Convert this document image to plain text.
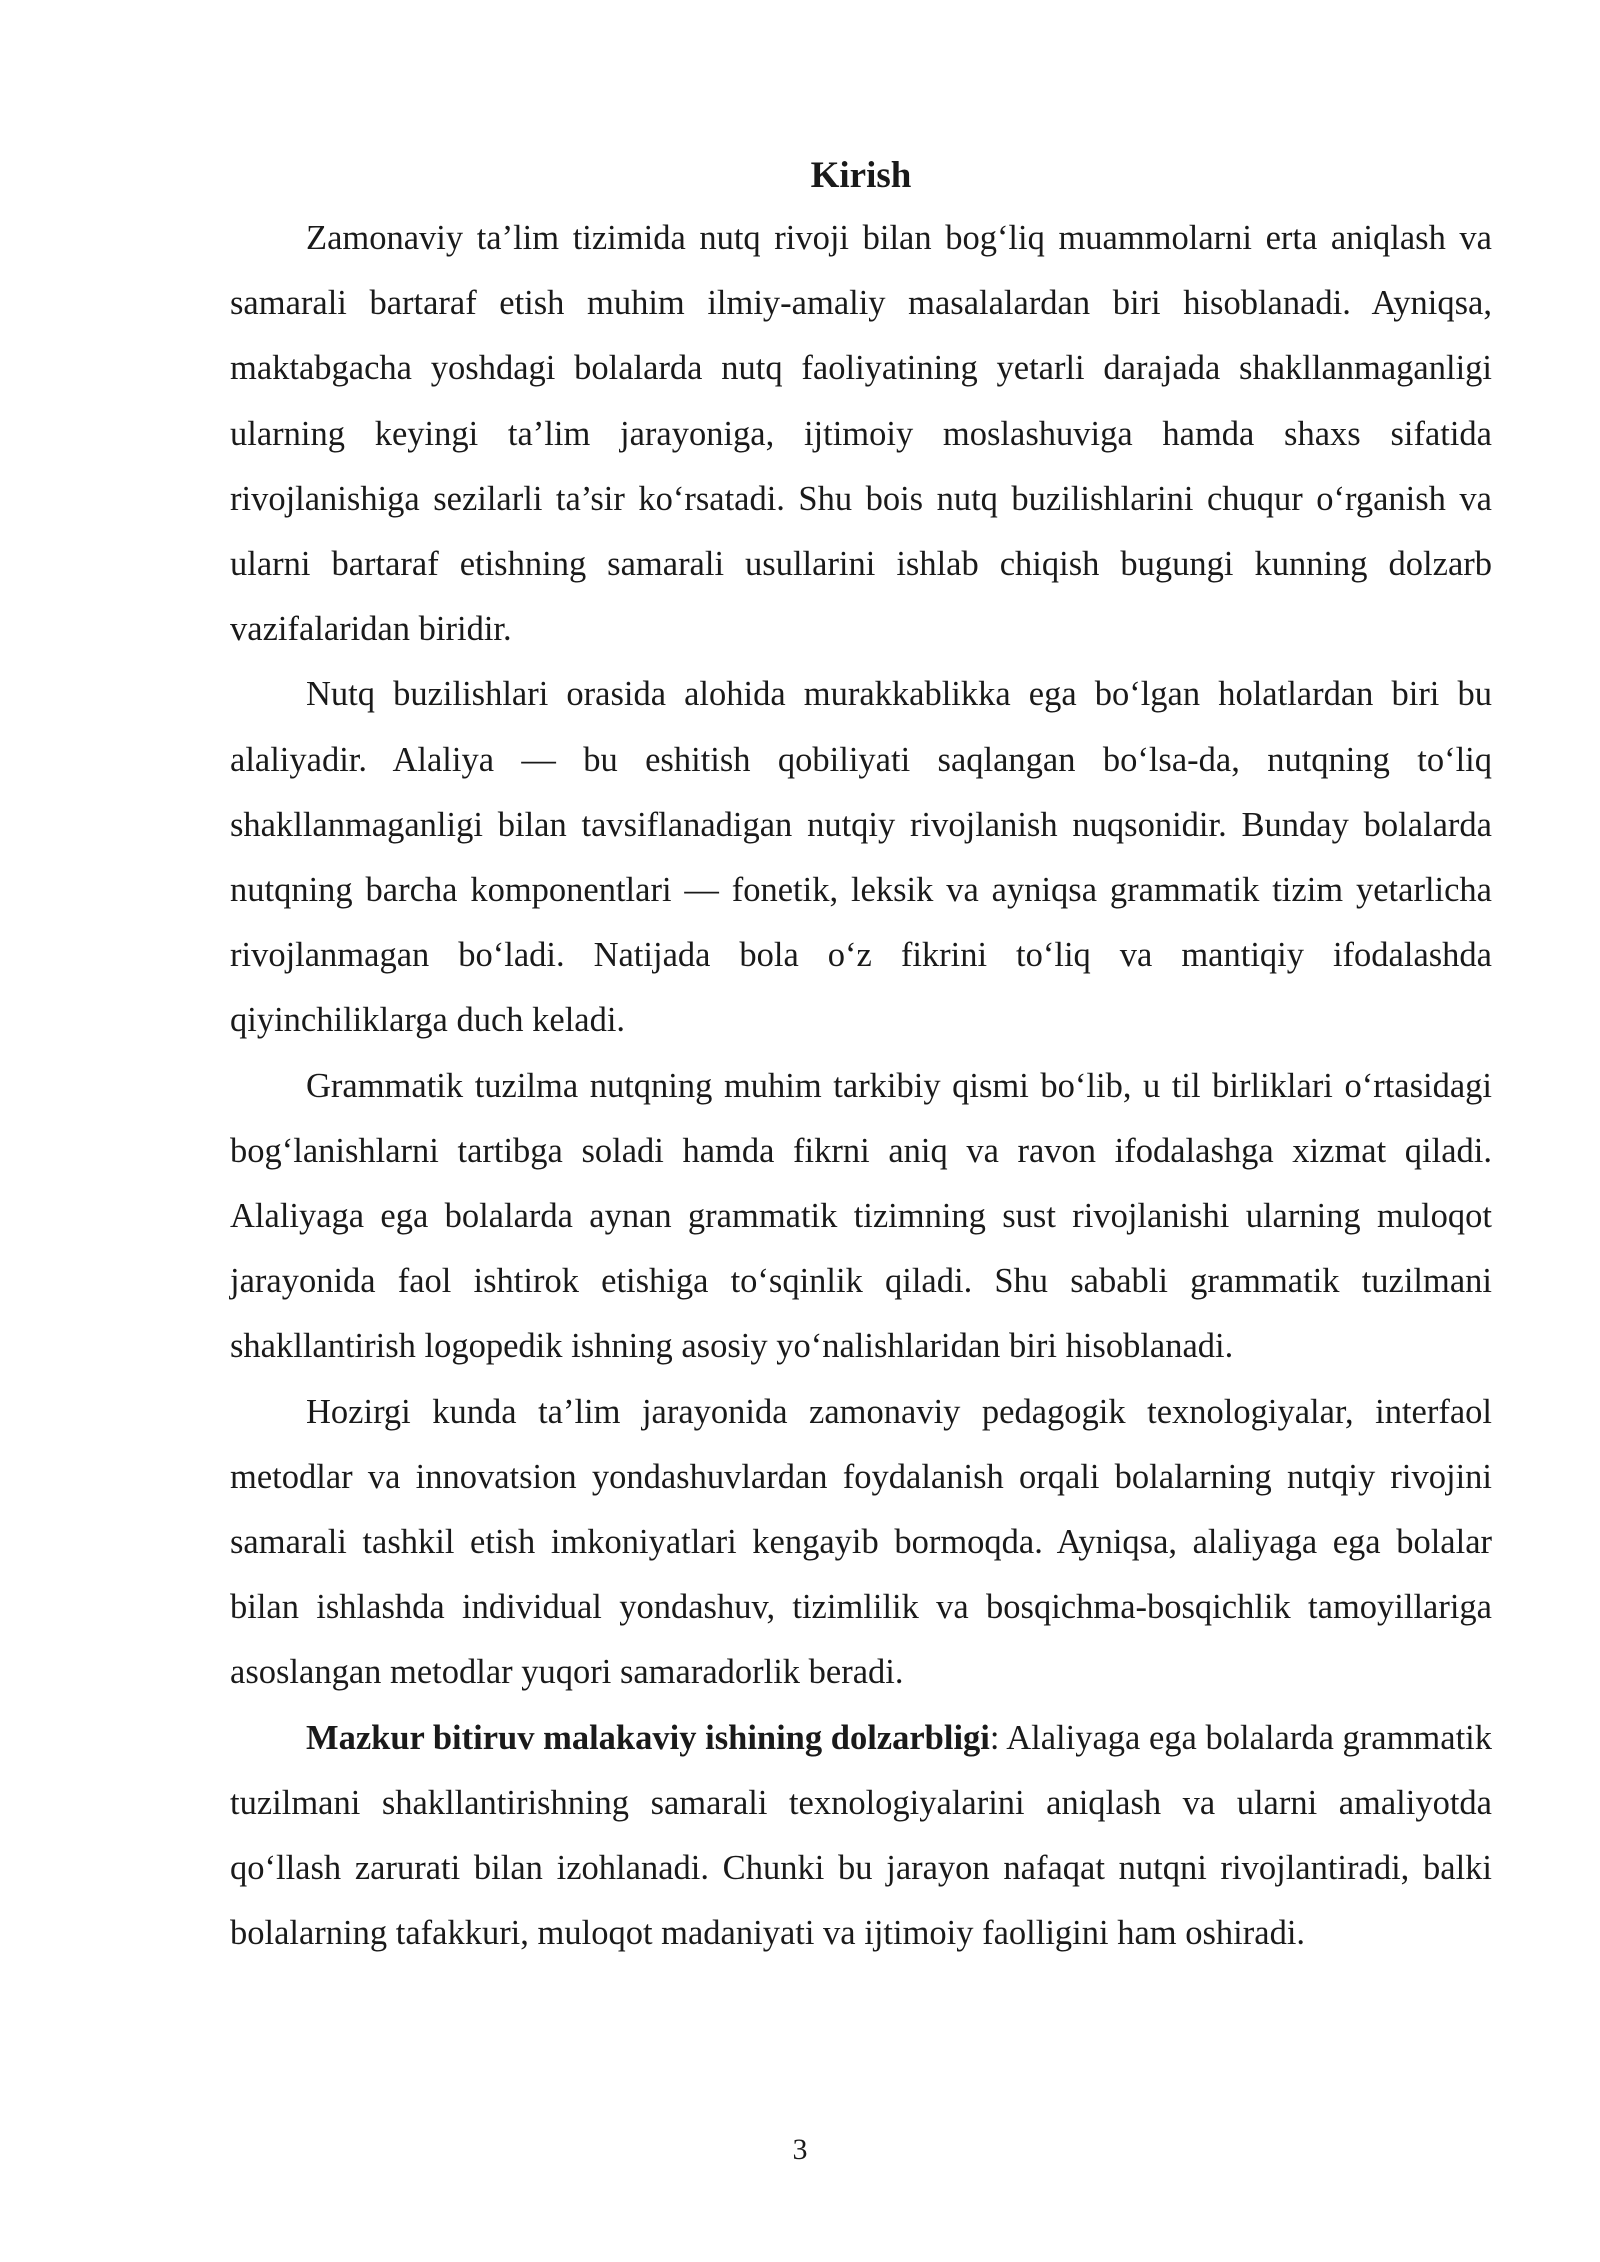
Kirish

Zamonaviy ta’lim tizimida nutq rivoji bilan bog‘liq muammolarni erta aniqlash va samarali bartaraf etish muhim ilmiy-amaliy masalalardan biri hisoblanadi. Ayniqsa, maktabgacha yoshdagi bolalarda nutq faoliyatining yetarli darajada shakllanmaganligi ularning keyingi ta’lim jarayoniga, ijtimoiy moslashuviga hamda shaxs sifatida rivojlanishiga sezilarli ta’sir ko‘rsatadi. Shu bois nutq buzilishlarini chuqur o‘rganish va ularni bartaraf etishning samarali usullarini ishlab chiqish bugungi kunning dolzarb vazifalaridan biridir.

Nutq buzilishlari orasida alohida murakkablikka ega bo‘lgan holatlardan biri bu alaliyadir. Alaliya — bu eshitish qobiliyati saqlangan bo‘lsa-da, nutqning to‘liq shakllanmaganligi bilan tavsiflanadigan nutqiy rivojlanish nuqsonidir. Bunday bolalarda nutqning barcha komponentlari — fonetik, leksik va ayniqsa grammatik tizim yetarlicha rivojlanmagan bo‘ladi. Natijada bola o‘z fikrini to‘liq va mantiqiy ifodalashda qiyinchiliklarga duch keladi.

Grammatik tuzilma nutqning muhim tarkibiy qismi bo‘lib, u til birliklari o‘rtasidagi bog‘lanishlarni tartibga soladi hamda fikrni aniq va ravon ifodalashga xizmat qiladi. Alaliyaga ega bolalarda aynan grammatik tizimning sust rivojlanishi ularning muloqot jarayonida faol ishtirok etishiga to‘sqinlik qiladi. Shu sababli grammatik tuzilmani shakllantirish logopedik ishning asosiy yo‘nalishlaridan biri hisoblanadi.

Hozirgi kunda ta’lim jarayonida zamonaviy pedagogik texnologiyalar, interfaol metodlar va innovatsion yondashuvlardan foydalanish orqali bolalarning nutqiy rivojini samarali tashkil etish imkoniyatlari kengayib bormoqda. Ayniqsa, alaliyaga ega bolalar bilan ishlashda individual yondashuv, tizimlilik va bosqichma-bosqichlik tamoyillariga asoslangan metodlar yuqori samaradorlik beradi.

Mazkur bitiruv malakaviy ishining dolzarbligi: Alaliyaga ega bolalarda grammatik tuzilmani shakllantirishning samarali texnologiyalarini aniqlash va ularni amaliyotda qo‘llash zarurati bilan izohlanadi. Chunki bu jarayon nafaqat nutqni rivojlantiradi, balki bolalarning tafakkuri, muloqot madaniyati va ijtimoiy faolligini ham oshiradi.

3
